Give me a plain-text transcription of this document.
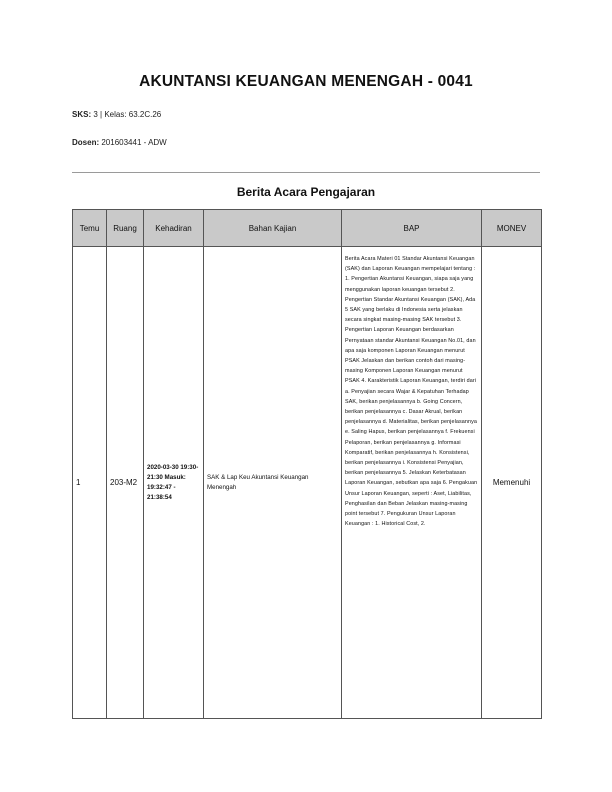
AKUNTANSI KEUANGAN MENENGAH - 0041
SKS: 3 | Kelas: 63.2C.26
Dosen: 201603441 - ADW
Berita Acara Pengajaran
Temu	Ruang	Kehadiran	Bahan Kajian	BAP	MONEV
1	203-M2	2020-03-30 19:30-21:30 Masuk: 19:32:47 - 21:38:54	SAK & Lap Keu Akuntansi Keuangan Menengah	Berita Acara Materi 01 Standar Akuntansi Keuangan (SAK) dan Laporan Keuangan mempelajari tentang : 1. Pengertian Akuntansi Keuangan, siapa saja yang menggunakan laporan keuangan tersebut 2. Pengertian Standar Akuntansi Keuangan (SAK), Ada 5 SAK yang berlaku di Indonesia serta jelaskan secara singkat masing-masing SAK tersebut 3. Pengertian Laporan Keuangan berdasarkan Pernyataan standar Akuntansi Keuangan No.01, dan apa saja komponen Laporan Keuangan menurut PSAK Jelaskan dan berikan contoh dari masing-masing Komponen Laporan Keuangan menurut PSAK 4. Karakteristik Laporan Keuangan, terdiri dari a. Penyajian secara Wajar & Kepatuhan Terhadap SAK, berikan penjelasannya b. Going Concern, berikan penjelasannya c. Dasar Akrual, berikan penjelasannya d. Materialitas, berikan penjelasannya e. Saling Hapus, berikan penjelasannya f. Frekuensi Pelaporan, berikan penjelasannya g. Informasi Komparatif, berikan penjelasannya h. Konsistensi, berikan penjelasannya i. Konsistensi Penyajian, berikan penjelasannya 5. Jelaskan Keterbatasan Laporan Keuangan, sebutkan apa saja 6. Pengakuan Unsur Laporan Keuangan, seperti : Aset, Liabilitas, Penghasilan dan Beban Jelaskan masing-masing point tersebut 7. Pengukuran Unsur Laporan Keuangan : 1. Historical Cost, 2.	Memenuhi
